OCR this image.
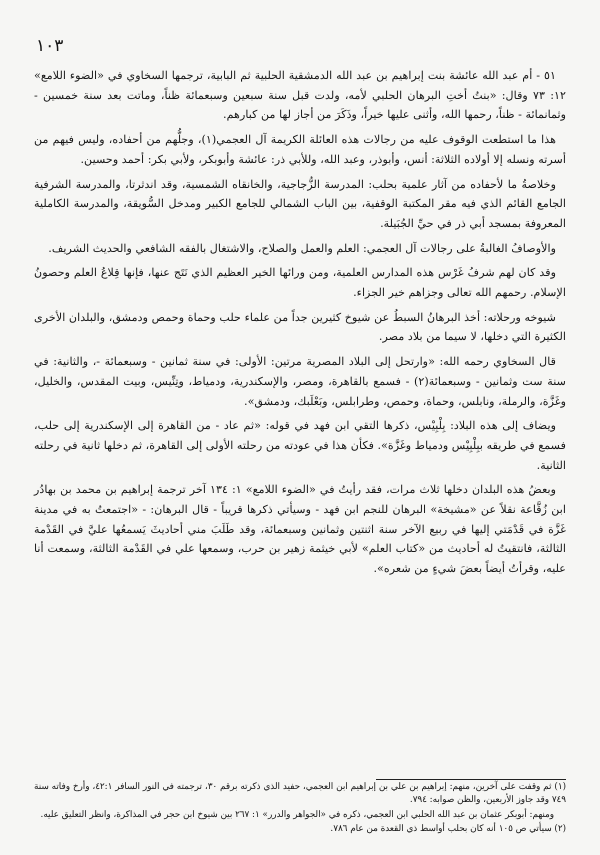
١٠٣

٥١ - أم عبد الله عائشة بنت إبراهيم بن عبد الله الدمشقية الحلبية ثم البابية، ترجمها السخاوي في «الضوء اللامع» ١٢: ٧٣ وقال: «بنتُ أختِ البرهان الحلبي لأمه، ولدت قبل سنة سبعين وسبعمائة ظناً، وماتت بعد سنة خمسين - وثمانمائة - ظناً، رحمها الله، وأثنى عليها خيراً، وذَكَرَ من أجاز لها من كبارهم.

هذا ما استطعت الوقوف عليه من رجالات هذه العائلة الكريمة آل العجمي(١)، وجلُّهم من أحفاده، وليس فيهم من أسرته ونسله إلا أولاده الثلاثة: أنس، وأبوذر، وعبد الله، وللأبي ذر: عائشة وأبوبكر، ولأبي بكر: أحمد وحسين.

وخلاصةُ ما لأحفاده من آثار علمية بحلب: المدرسة الزُّجاجية، والخانقاه الشمسية، وقد اندثرتا، والمدرسة الشرفية الجامع القائم الذي فيه مقر المكتبة الوقفية، بين الباب الشمالي للجامع الكبير ومدخل السُّويقة، والمدرسة الكاملية المعروفة بمسجد أبي ذر في حيِّ الجُبَيلة.

والأوصافُ الغالبةُ على رجالات آل العجمي: العلم والعمل والصلاح، والاشتغال بالفقه الشافعي والحديث الشريف.

وقد كان لهم شرفُ غَرْس هذه المدارس العلمية، ومن ورائها الخير العظيم الذي نَتَج عنها، فإنها قِلاعُ العلم وحصونُ الإسلام. رحمهم الله تعالى وجزاهم خير الجزاء.

شيوخه ورحلاته: أخذ البرهانُ السبطُ عن شيوخ كثيرين جداً من علماء حلب وحماة وحمص ودمشق، والبلدان الأخرى الكثيرة التي دخلها، لا سيما من بلاد مصر.

قال السخاوي رحمه الله: «وارتحل إلى البلاد المصرية مرتين: الأولى: في سنة ثمانين - وسبعمائة -، والثانية: في سنة ست وثمانين - وسبعمائة(٢) - فسمع بالقاهرة، ومصر، والإسكندرية، ودمياط، وتِنِّيس، وبيت المقدس، والخليل، وغَزَّة، والرملة، ونابلس، وحماة، وحمص، وطرابلس، وبَعْلَبك، ودمشق».

ويضاف إلى هذه البلاد: بِلْبِيْس، ذكرها التقي ابن فهد في قوله: «ثم عاد - من القاهرة إلى الإسكندرية إلى حلب، فسمع في طريقه ببِلْبِيْس ودمياط وغَزَّة». فكأن هذا في عودته من رحلته الأولى إلى القاهرة، ثم دخلها ثانية في رحلته الثانية.

وبعضُ هذه البلدان دخلها ثلاث مرات، فقد رأيتُ في «الضوء اللامع» ١: ١٣٤ آخر ترجمة إبراهيم بن محمد بن بهادُر ابن زُقَّاعة نقلاً عن «مشيخة» البرهان للنجم ابن فهد - وسيأتي ذكرها قريباً - قال البرهان: - «اجتمعتُ به في مدينة غَزَّة في قَدْمَتي إليها في ربيع الآخر سنة اثنتين وثمانين وسبعمائة، وقد طَلَبَ مني أحاديثَ يَسمعُها عليَّ في القَدْمة الثالثة، فانتقيتُ له أحاديث من «كتاب العلم» لأبي خيثمة زهير بن حرب، وسمعها علي في القَدْمة الثالثة، وسمعت أنا عليه، وقرأتُ أيضاً بعضَ شيءٍ من شعره».

(١) ثم وقفت على آخرين، منهم: إبراهيم بن علي بن إبراهيم ابن العجمي، حفيد الذي ذكرته برقم ٣٠، ترجمته في النور السافر ٤٢:١، وأرخ وفاته سنة ٧٤٩ وقد جاوز الأربعين، والظن صوابه: ٧٩٤.

ومنهم: أبوبكر عثمان بن عبد الله الحلبي ابن العجمي، ذكره في «الجواهر والدرر» ١: ٢٦٧ بين شيوخ ابن حجر في المذاكرة، وانظر التعليق عليه.

(٢) سيأتي ص ١٠٥ أنه كان بحلب أواسط ذي القعدة من عام ٧٨٦.
